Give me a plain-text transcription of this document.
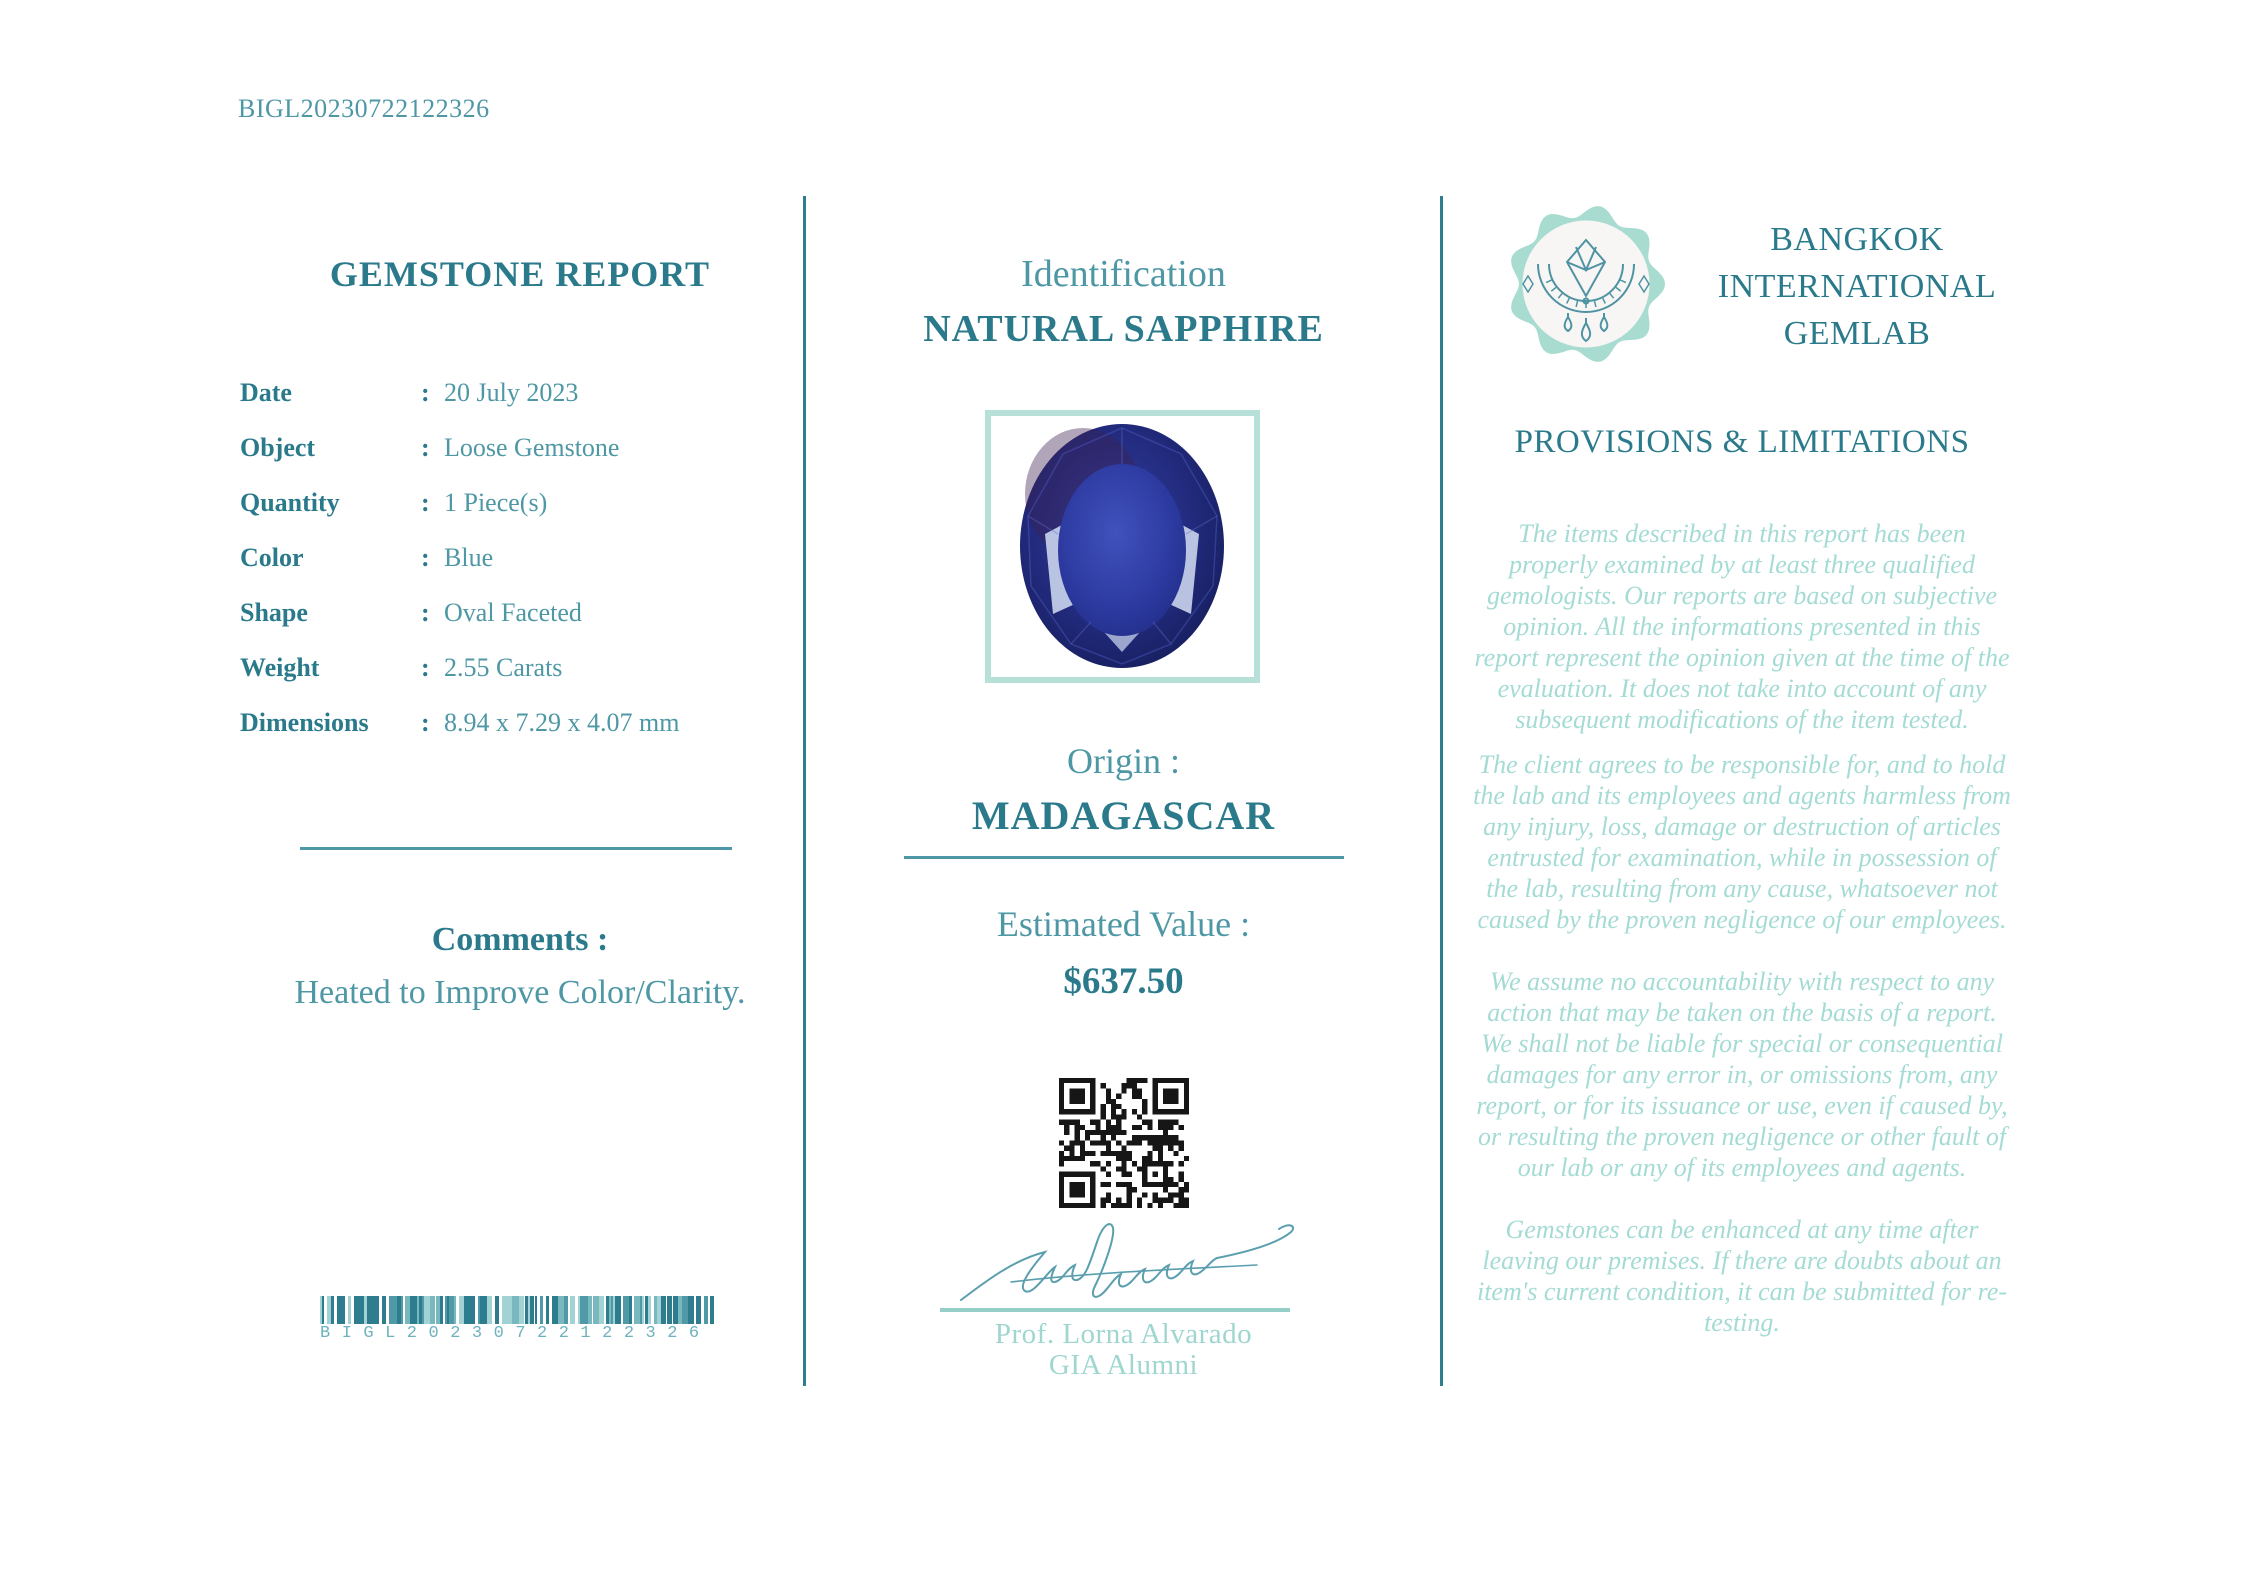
BIGL20230722122326
GEMSTONE REPORT
Date	: 20 July 2023
Object	: Loose Gemstone
Quantity	: 1 Piece(s)
Color	: Blue
Shape	: Oval Faceted
Weight	: 2.55 Carats
Dimensions : 8.94 x 7.29 x 4.07 mm
Comments :
Heated to Improve Color/Clarity.
BIGL20230722122326
Identification
NATURAL SAPPHIRE
Origin :
MADAGASCAR
Estimated Value :
$637.50
Prof. Lorna Alvarado
GIA Alumni
BANGKOK INTERNATIONAL GEMLAB
PROVISIONS & LIMITATIONS

The items described in this report has been properly examined by at least three qualified gemologists. Our reports are based on subjective opinion. All the informations presented in this report represent the opinion given at the time of the evaluation. It does not take into account of any subsequent modifications of the item tested.

The client agrees to be responsible for, and to hold the lab and its employees and agents harmless from any injury, loss, damage or destruction of articles entrusted for examination, while in possession of the lab, resulting from any cause, whatsoever not caused by the proven negligence of our employees.

We assume no accountability with respect to any action that may be taken on the basis of a report. We shall not be liable for special or consequential damages for any error in, or omissions from, any report, or for its issuance or use, even if caused by, or resulting the proven negligence or other fault of our lab or any of its employees and agents.

Gemstones can be enhanced at any time after leaving our premises. If there are doubts about an item's current condition, it can be submitted for re-testing.
